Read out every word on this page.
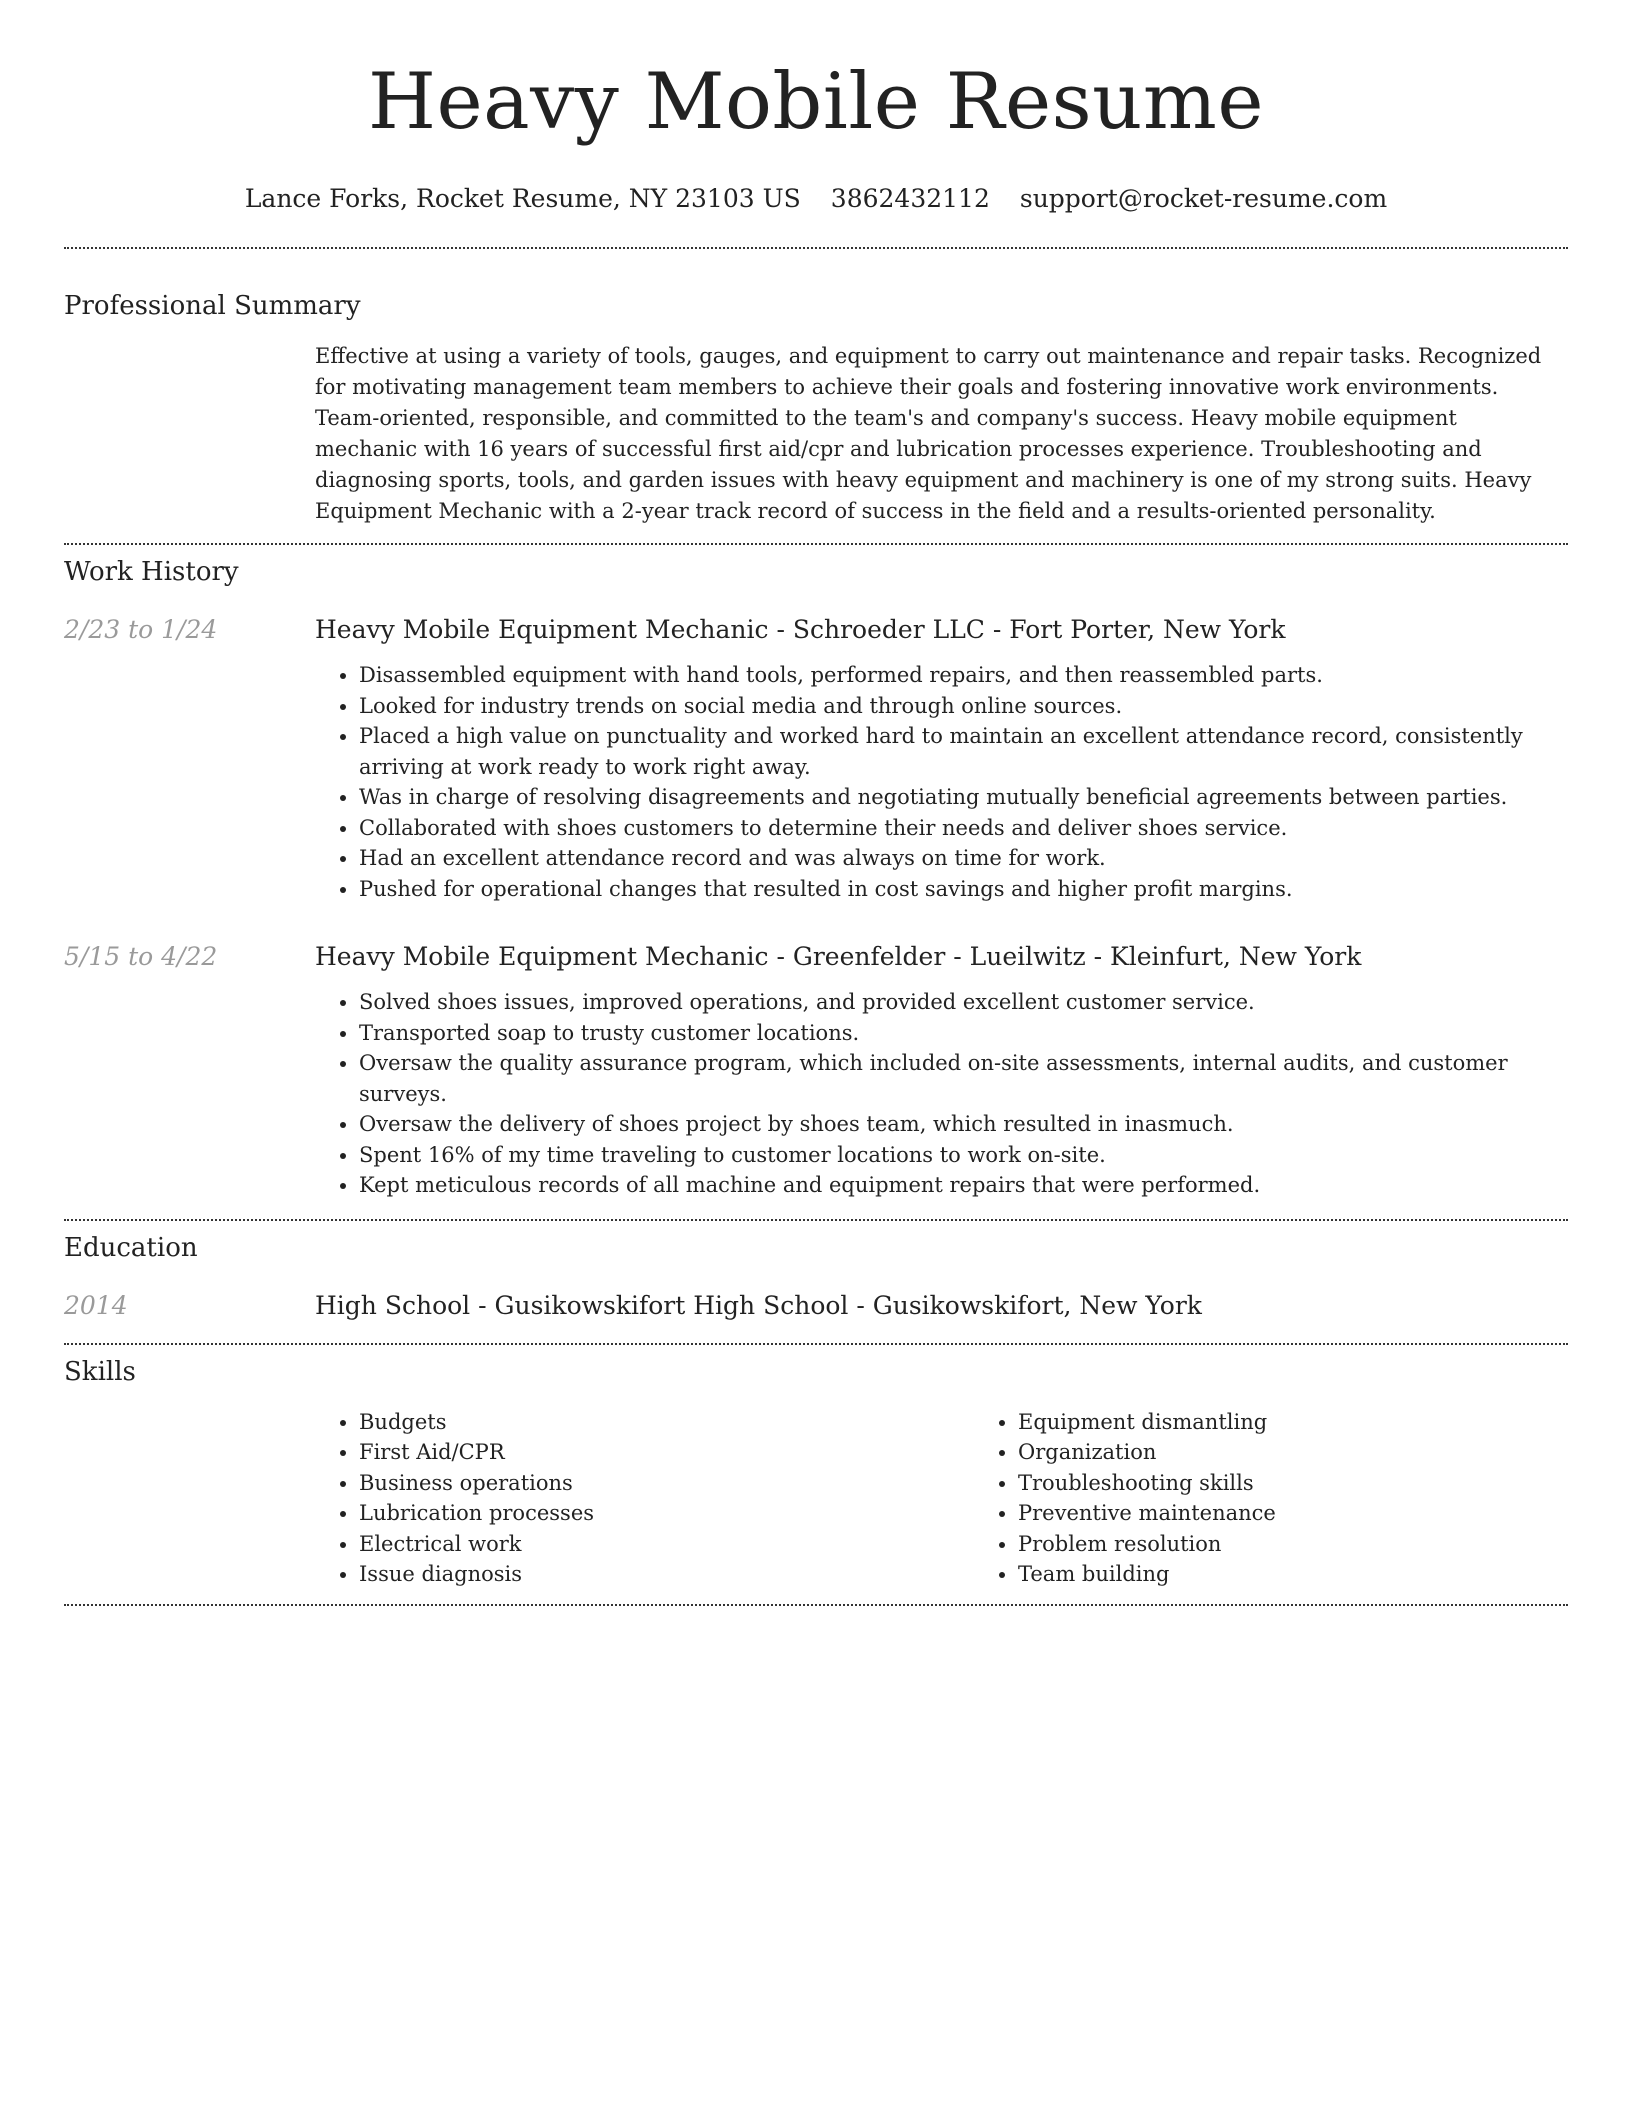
Heavy Mobile Resume
Lance Forks, Rocket Resume, NY 23103 US 3862432112 support@rocket-resume.com
Professional Summary

Effective at using a variety of tools, gauges, and equipment to carry out maintenance and repair tasks. Recognized for motivating management team members to achieve their goals and fostering innovative work environments. Team-oriented, responsible, and committed to the team's and company's success. Heavy mobile equipment mechanic with 16 years of successful first aid/cpr and lubrication processes experience. Troubleshooting and diagnosing sports, tools, and garden issues with heavy equipment and machinery is one of my strong suits. Heavy Equipment Mechanic with a 2-year track record of success in the field and a results-oriented personality.

Work History
2/23 to 1/24	Heavy Mobile Equipment Mechanic - Schroeder LLC - Fort Porter, New York
• Disassembled equipment with hand tools, performed repairs, and then reassembled parts.
• Looked for industry trends on social media and through online sources.
• Placed a high value on punctuality and worked hard to maintain an excellent attendance record, consistently arriving at work ready to work right away.
• Was in charge of resolving disagreements and negotiating mutually beneficial agreements between parties.
• Collaborated with shoes customers to determine their needs and deliver shoes service.
• Had an excellent attendance record and was always on time for work.
• Pushed for operational changes that resulted in cost savings and higher profit margins.
5/15 to 4/22	Heavy Mobile Equipment Mechanic - Greenfelder - Lueilwitz - Kleinfurt, New York
• Solved shoes issues, improved operations, and provided excellent customer service.
• Transported soap to trusty customer locations.
• Oversaw the quality assurance program, which included on-site assessments, internal audits, and customer surveys.
• Oversaw the delivery of shoes project by shoes team, which resulted in inasmuch.
• Spent 16% of my time traveling to customer locations to work on-site.
• Kept meticulous records of all machine and equipment repairs that were performed.
Education
2014	High School - Gusikowskifort High School - Gusikowskifort, New York
Skills
• Budgets
• First Aid/CPR
• Business operations
• Lubrication processes
• Electrical work
• Issue diagnosis
• Equipment dismantling
• Organization
• Troubleshooting skills
• Preventive maintenance
• Problem resolution
• Team building
